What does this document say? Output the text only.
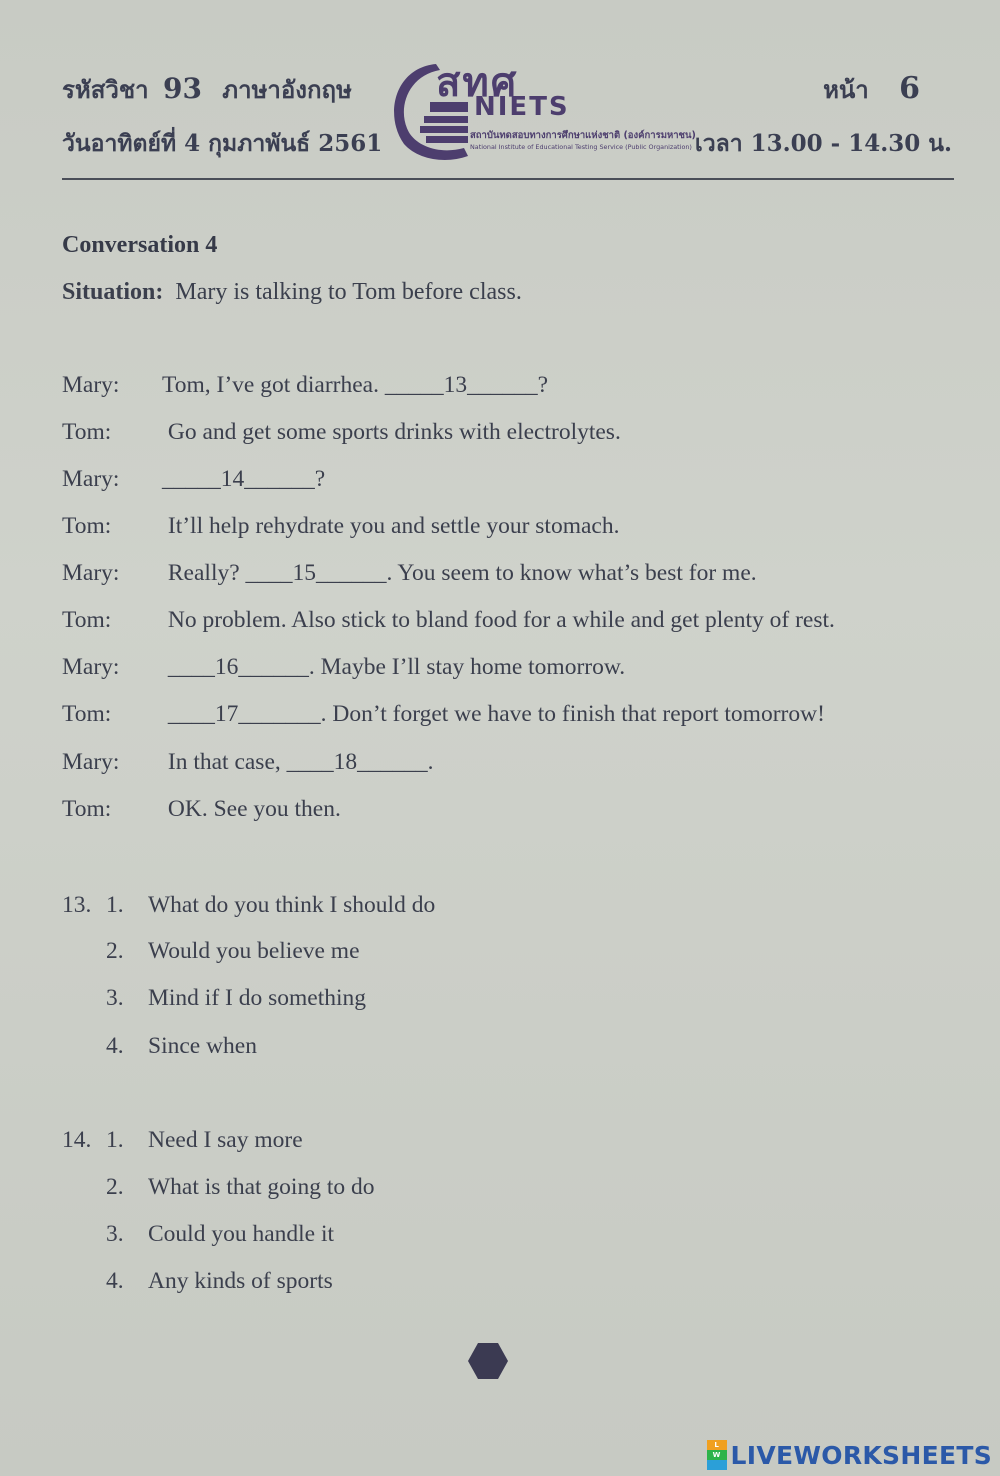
รหัสวิชา 93 ภาษาอังกฤษ
วันอาทิตย์ที่ 4 กุมภาพันธ์ 2561
หน้า 6
เวลา 13.00 - 14.30 น.
สทศ
NIETS
สถาบันทดสอบทางการศึกษาแห่งชาติ (องค์การมหาชน)
National Institute of Educational Testing Service (Public Organization)
Conversation 4
Situation: Mary is talking to Tom before class.
Mary: Tom, I’ve got diarrhea. _____13______?
Tom: Go and get some sports drinks with electrolytes.
Mary: _____14______?
Tom: It’ll help rehydrate you and settle your stomach.
Mary: Really? ____15______. You seem to know what’s best for me.
Tom: No problem. Also stick to bland food for a while and get plenty of rest.
Mary: ____16______. Maybe I’ll stay home tomorrow.
Tom: ____17_______. Don’t forget we have to finish that report tomorrow!
Mary: In that case, ____18______.
Tom: OK. See you then.
13. 1. What do you think I should do
2. Would you believe me
3. Mind if I do something
4. Since when
14. 1. Need I say more
2. What is that going to do
3. Could you handle it
4. Any kinds of sports
L
W LIVEWORKSHEETS
